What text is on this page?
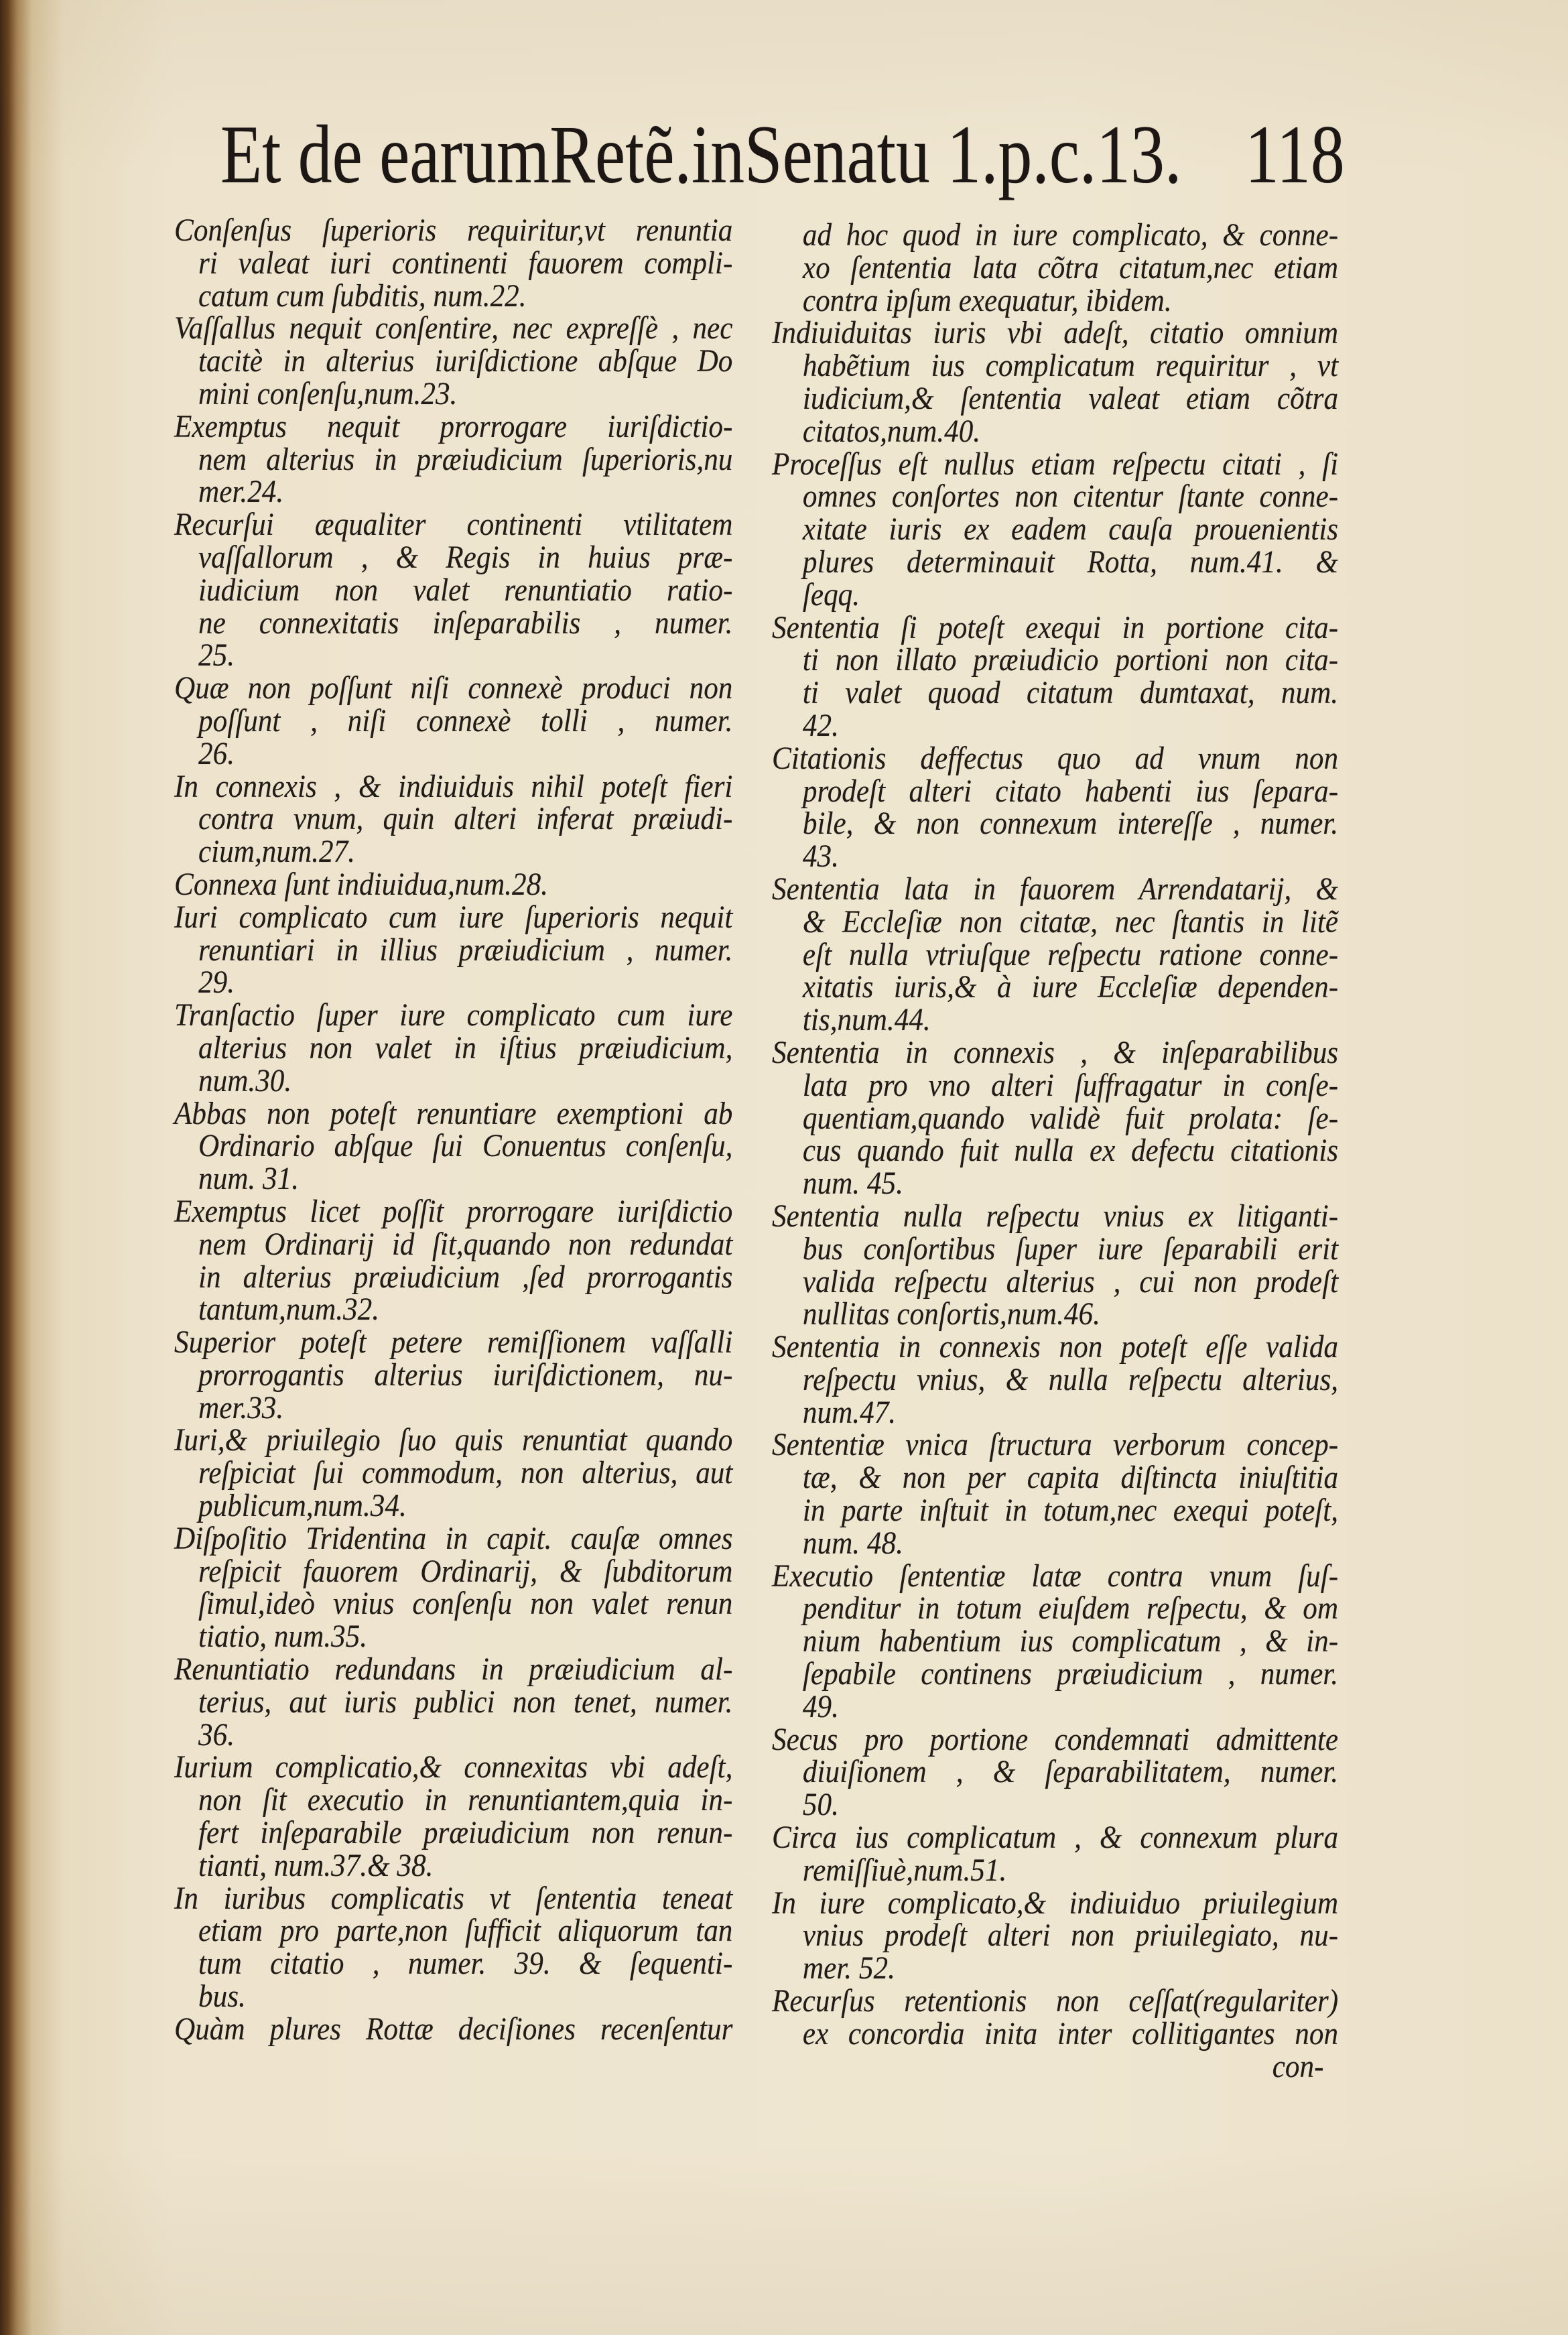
Et de earumRetẽ.inSenatu 1.p.c.13. 118
Conſenſus ſuperioris requiritur,vt renuntia
ri valeat iuri continenti fauorem compli-
catum cum ſubditis, num.22.
Vaſſallus nequit conſentire, nec expreſſè , nec
tacitè in alterius iuriſdictione abſque Do
mini conſenſu,num.23.
Exemptus nequit prorrogare iuriſdictio-
nem alterius in præiudicium ſuperioris,nu
mer.24.
Recurſui æqualiter continenti vtilitatem
vaſſallorum , & Regis in huius præ-
iudicium non valet renuntiatio ratio-
ne connexitatis inſeparabilis , numer.
25.
Quæ non poſſunt niſi connexè produci non
poſſunt , niſi connexè tolli , numer.
26.
In connexis , & indiuiduis nihil poteſt fieri
contra vnum, quin alteri inferat præiudi-
cium,num.27.
Connexa ſunt indiuidua,num.28.
Iuri complicato cum iure ſuperioris nequit
renuntiari in illius præiudicium , numer.
29.
Tranſactio ſuper iure complicato cum iure
alterius non valet in iſtius præiudicium,
num.30.
Abbas non poteſt renuntiare exemptioni ab
Ordinario abſque ſui Conuentus conſenſu,
num. 31.
Exemptus licet poſſit prorrogare iuriſdictio
nem Ordinarij id ſit,quando non redundat
in alterius præiudicium ,ſed prorrogantis
tantum,num.32.
Superior poteſt petere remiſſionem vaſſalli
prorrogantis alterius iuriſdictionem, nu-
mer.33.
Iuri,& priuilegio ſuo quis renuntiat quando
reſpiciat ſui commodum, non alterius, aut
publicum,num.34.
Diſpoſitio Tridentina in capit. cauſæ omnes
reſpicit fauorem Ordinarij, & ſubditorum
ſimul,ideò vnius conſenſu non valet renun
tiatio, num.35.
Renuntiatio redundans in præiudicium al-
terius, aut iuris publici non tenet, numer.
36.
Iurium complicatio,& connexitas vbi adeſt,
non ſit executio in renuntiantem,quia in-
fert inſeparabile præiudicium non renun-
tianti, num.37.& 38.
In iuribus complicatis vt ſententia teneat
etiam pro parte,non ſufficit aliquorum tan
tum citatio , numer. 39. & ſequenti-
bus.
Quàm plures Rottæ deciſiones recenſentur
ad hoc quod in iure complicato, & conne-
xo ſententia lata cõtra citatum,nec etiam
contra ipſum exequatur, ibidem.
Indiuiduitas iuris vbi adeſt, citatio omnium
habẽtium ius complicatum requiritur , vt
iudicium,& ſententia valeat etiam cõtra
citatos,num.40.
Proceſſus eſt nullus etiam reſpectu citati , ſi
omnes conſortes non citentur ſtante conne-
xitate iuris ex eadem cauſa prouenientis
plures determinauit Rotta, num.41. &
ſeqq.
Sententia ſi poteſt exequi in portione cita-
ti non illato præiudicio portioni non cita-
ti valet quoad citatum dumtaxat, num.
42.
Citationis deffectus quo ad vnum non
prodeſt alteri citato habenti ius ſepara-
bile, & non connexum intereſſe , numer.
43.
Sententia lata in fauorem Arrendatarij, &
& Eccleſiæ non citatæ, nec ſtantis in litẽ
eſt nulla vtriuſque reſpectu ratione conne-
xitatis iuris,& à iure Eccleſiæ dependen-
tis,num.44.
Sententia in connexis , & inſeparabilibus
lata pro vno alteri ſuffragatur in conſe-
quentiam,quando validè fuit prolata: ſe-
cus quando fuit nulla ex defectu citationis
num. 45.
Sententia nulla reſpectu vnius ex litiganti-
bus conſortibus ſuper iure ſeparabili erit
valida reſpectu alterius , cui non prodeſt
nullitas conſortis,num.46.
Sententia in connexis non poteſt eſſe valida
reſpectu vnius, & nulla reſpectu alterius,
num.47.
Sententiæ vnica ſtructura verborum concep-
tæ, & non per capita diſtincta iniuſtitia
in parte inſtuit in totum,nec exequi poteſt,
num. 48.
Executio ſententiæ latæ contra vnum ſuſ-
penditur in totum eiuſdem reſpectu, & om
nium habentium ius complicatum , & in-
ſepabile continens præiudicium , numer.
49.
Secus pro portione condemnati admittente
diuiſionem , & ſeparabilitatem, numer.
50.
Circa ius complicatum , & connexum plura
remiſſiuè,num.51.
In iure complicato,& indiuiduo priuilegium
vnius prodeſt alteri non priuilegiato, nu-
mer. 52.
Recurſus retentionis non ceſſat(regulariter)
ex concordia inita inter collitigantes non
con-
